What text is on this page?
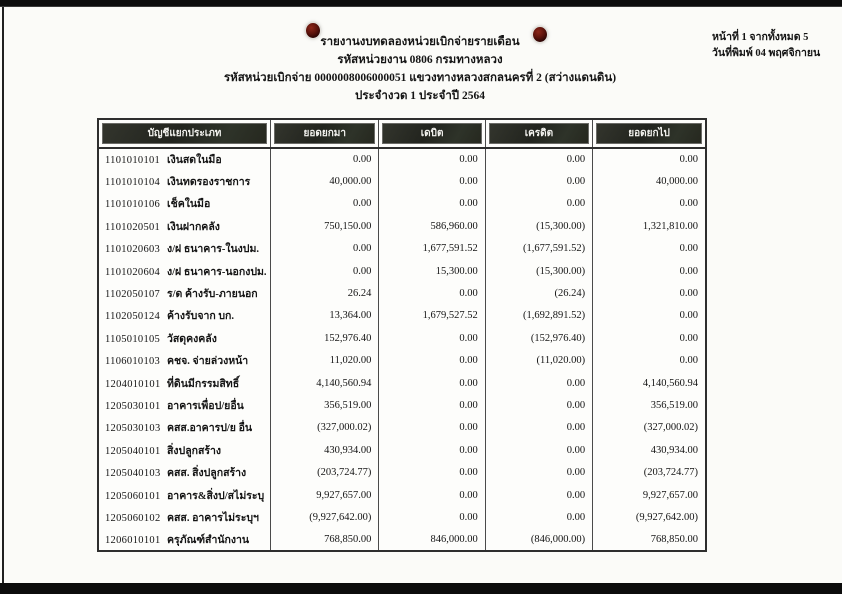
หน้าที่ 1 จากทั้งหมด 5
วันที่พิมพ์ 04 พฤศจิกายน
รายงานงบทดลองหน่วยเบิกจ่ายรายเดือน
รหัสหน่วยงาน 0806 กรมทางหลวง
รหัสหน่วยเบิกจ่าย 0000008006000051 แขวงทางหลวงสกลนครที่ 2 (สว่างแดนดิน)
ประจำงวด 1 ประจำปี 2564
บัญชีแยกประเภท	ยอดยกมา	เดบิต	เครดิต	ยอดยกไป

1101010101 เงินสดในมือ	0.00	0.00	0.00	0.00
1101010104 เงินทดรองราชการ	40,000.00	0.00	0.00	40,000.00
1101010106 เช็คในมือ	0.00	0.00	0.00	0.00
1101020501 เงินฝากคลัง	750,150.00	586,960.00	(15,300.00)	1,321,810.00
1101020603 ง/ฝ ธนาคาร-ในงปม.	0.00	1,677,591.52	(1,677,591.52)	0.00
1101020604 ง/ฝ ธนาคาร-นอกงปม.	0.00	15,300.00	(15,300.00)	0.00
1102050107 ร/ด ค้างรับ-ภายนอก	26.24	0.00	(26.24)	0.00
1102050124 ค้างรับจาก บก.	13,364.00	1,679,527.52	(1,692,891.52)	0.00
1105010105 วัสดุคงคลัง	152,976.40	0.00	(152,976.40)	0.00
1106010103 คชจ. จ่ายล่วงหน้า	11,020.00	0.00	(11,020.00)	0.00
1204010101 ที่ดินมีกรรมสิทธิ์	4,140,560.94	0.00	0.00	4,140,560.94
1205030101 อาคารเพื่อป/ยอื่น	356,519.00	0.00	0.00	356,519.00
1205030103 คสส.อาคารป/ย อื่น	(327,000.02)	0.00	0.00	(327,000.02)
1205040101 สิ่งปลูกสร้าง	430,934.00	0.00	0.00	430,934.00
1205040103 คสส. สิ่งปลูกสร้าง	(203,724.77)	0.00	0.00	(203,724.77)
1205060101 อาคาร&สิ่งป/สไม่ระบุ	9,927,657.00	0.00	0.00	9,927,657.00
1205060102 คสส. อาคารไม่ระบุฯ	(9,927,642.00)	0.00	0.00	(9,927,642.00)
1206010101 ครุภัณฑ์สำนักงาน	768,850.00	846,000.00	(846,000.00)	768,850.00
